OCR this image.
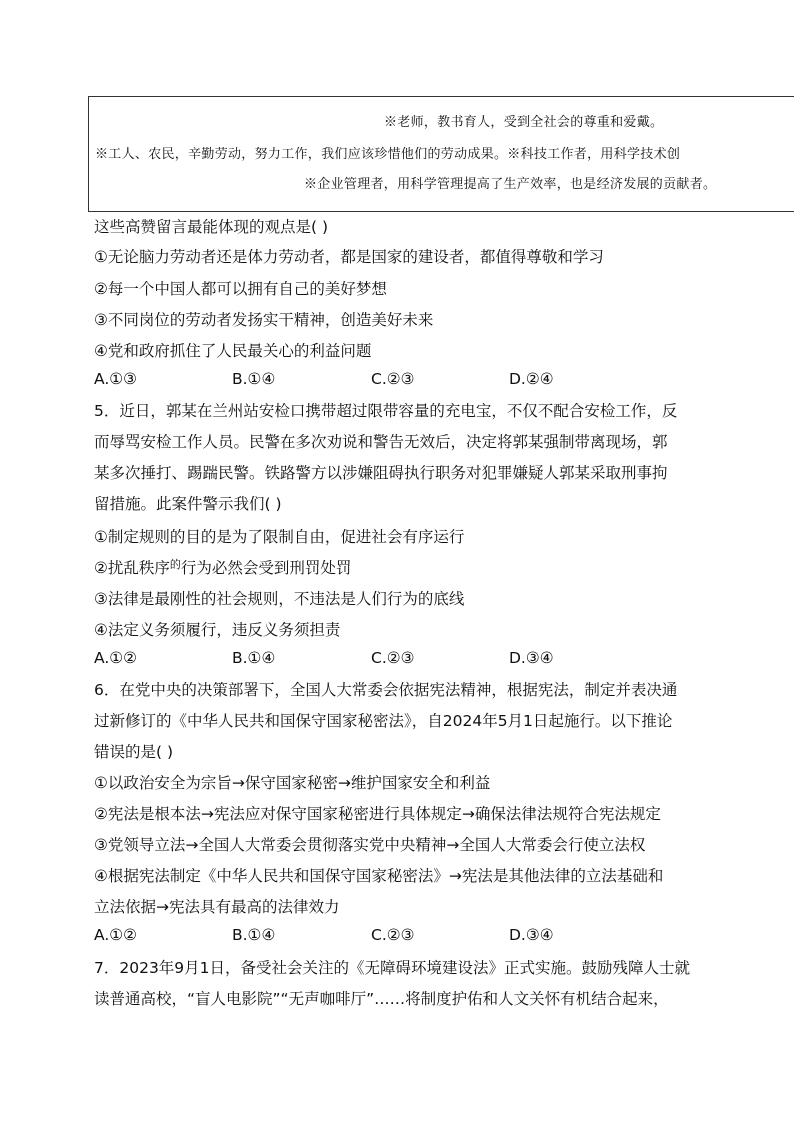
※老师，教书育人，受到全社会的尊重和爱戴。
※工人、农民，辛勤劳动，努力工作，我们应该珍惜他们的劳动成果。※科技工作者，用科学技术创
※企业管理者，用科学管理提高了生产效率，也是经济发展的贡献者。
这些高赞留言最能体现的观点是( )
①无论脑力劳动者还是体力劳动者，都是国家的建设者，都值得尊敬和学习
②每一个中国人都可以拥有自己的美好梦想
③不同岗位的劳动者发扬实干精神，创造美好未来
④党和政府抓住了人民最关心的利益问题
A.①③	B.①④	C.②③	D.②④
5．近日，郭某在兰州站安检口携带超过限带容量的充电宝，不仅不配合安检工作，反
而辱骂安检工作人员。民警在多次劝说和警告无效后，决定将郭某强制带离现场，郭
某多次捶打、踢踹民警。铁路警方以涉嫌阻碍执行职务对犯罪嫌疑人郭某采取刑事拘
留措施。此案件警示我们( )
①制定规则的目的是为了限制自由，促进社会有序运行
②扰乱秩序$^的$行为必然会受到刑罚处罚
③法律是最刚性的社会规则，不违法是人们行为的底线
④法定义务须履行，违反义务须担责
A.①②	B.①④	C.②③	D.③④
6．在党中央的决策部署下，全国人大常委会依据宪法精神，根据宪法，制定并表决通
过新修订的《中华人民共和国保守国家秘密法》，自2024年5月1日起施行。以下推论
错误的是( )
①以政治安全为宗旨→保守国家秘密→维护国家安全和利益
②宪法是根本法→宪法应对保守国家秘密进行具体规定→确保法律法规符合宪法规定
③党领导立法→全国人大常委会贯彻落实党中央精神→全国人大常委会行使立法权
④根据宪法制定《中华人民共和国保守国家秘密法》→宪法是其他法律的立法基础和
立法依据→宪法具有最高的法律效力
A.①②	B.①④	C.②③	D.③④
7．2023年9月1日，备受社会关注的《无障碍环境建设法》正式实施。鼓励残障人士就
读普通高校，“盲人电影院”“无声咖啡厅”……将制度护佑和人文关怀有机结合起来，
